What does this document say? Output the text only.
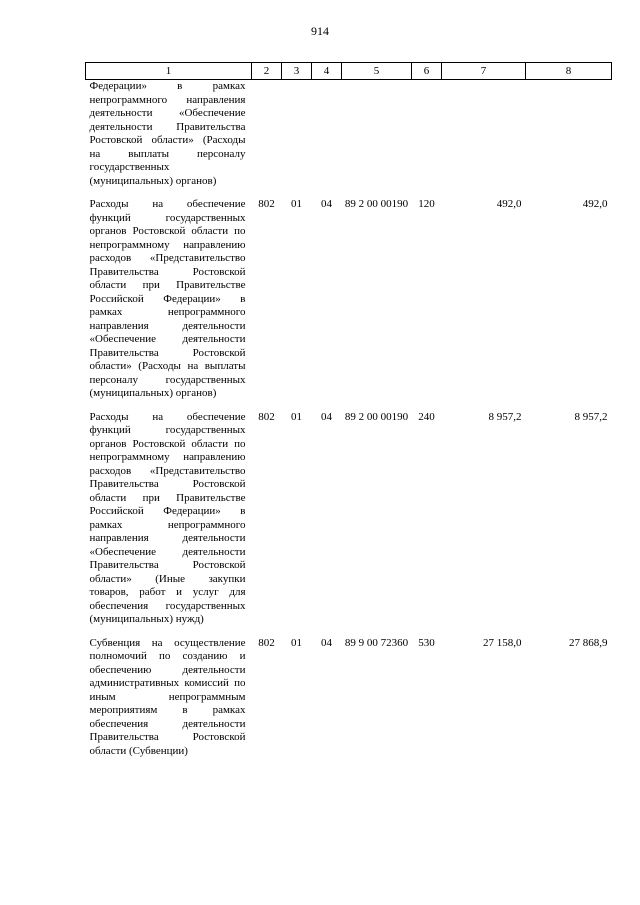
914
1	2	3	4	5	6	7	8
Федерации» в рамках непрограммного направления деятельности «Обеспечение деятельности Правительства Ростовской области» (Расходы на выплаты персоналу государственных (муниципальных) органов)							
Расходы на обеспечение функций государственных органов Ростовской области по непрограммному направлению расходов «Представительство Правительства Ростовской области при Правительстве Российской Федерации» в рамках непрограммного направления деятельности «Обеспечение деятельности Правительства Ростовской области» (Расходы на выплаты персоналу государственных (муниципальных) органов)	802	01	04	89 2 00 00190	120	492,0	492,0
Расходы на обеспечение функций государственных органов Ростовской области по непрограммному направлению расходов «Представительство Правительства Ростовской области при Правительстве Российской Федерации» в рамках непрограммного направления деятельности «Обеспечение деятельности Правительства Ростовской области» (Иные закупки товаров, работ и услуг для обеспечения государственных (муниципальных) нужд)	802	01	04	89 2 00 00190	240	8 957,2	8 957,2
Субвенция на осуществление полномочий по созданию и обеспечению деятельности административных комиссий по иным непрограммным мероприятиям в рамках обеспечения деятельности Правительства Ростовской области (Субвенции)	802	01	04	89 9 00 72360	530	27 158,0	27 868,9
